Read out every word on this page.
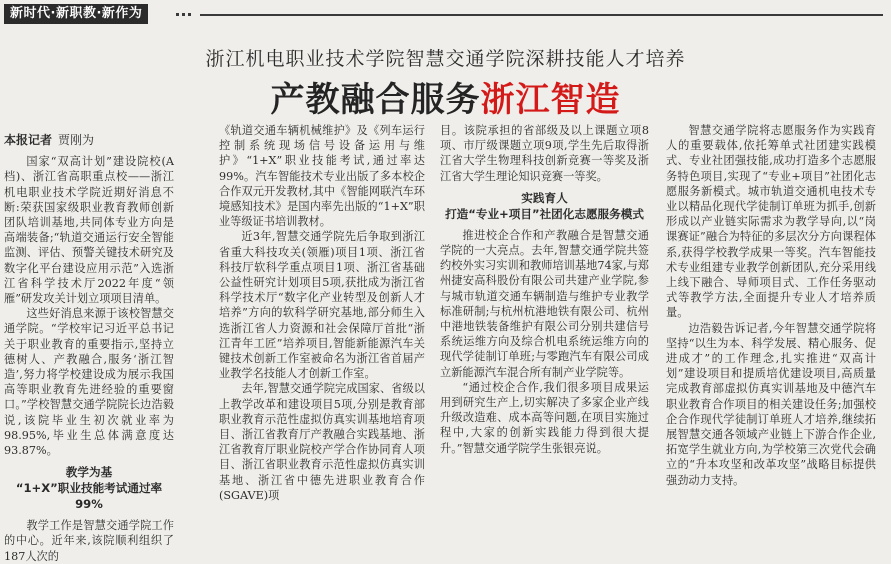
新时代·新职教·新作为
浙江机电职业技术学院智慧交通学院深耕技能人才培养
产教融合服务浙江智造
本报记者 贾刚为

国家“双高计划”建设院校(A档)、浙江省高职重点校——浙江机电职业技术学院近期好消息不断:荣获国家级职业教育教师创新团队培训基地,共同体专业方向是高端装备;“轨道交通运行安全智能监测、评估、预警关键技术研究及数字化平台建设应用示范”入选浙江省科学技术厅2022年度“领雁”研发攻关计划立项项目清单。

这些好消息来源于该校智慧交通学院。“学校牢记习近平总书记关于职业教育的重要指示,坚持立德树人、产教融合,服务‘浙江智造’,努力将学校建设成为展示我国高等职业教育先进经验的重要窗口。”学校智慧交通学院院长边浩毅说,该院毕业生初次就业率为98.95%,毕业生总体满意度达93.87%。

教学为基
“1+X”职业技能考试通过率99%

教学工作是智慧交通学院工作的中心。近年来,该院顺利组织了187人次的

《轨道交通车辆机械维护》及《列车运行控制系统现场信号设备运用与维护》“1+X”职业技能考试,通过率达99%。汽车智能技术专业出版了多本校企合作双元开发教材,其中《智能网联汽车环境感知技术》是国内率先出版的“1+X”职业等级证书培训教材。

近3年,智慧交通学院先后争取到浙江省重大科技攻关(领雁)项目1项、浙江省科技厅软科学重点项目1项、浙江省基础公益性研究计划项目5项,获批成为浙江省科学技术厅“数字化产业转型及创新人才培养”方向的软科学研究基地,部分师生入选浙江省人力资源和社会保障厅首批“浙江青年工匠”培养项目,智能新能源汽车关键技术创新工作室被命名为浙江省首届产业教学名技能人才创新工作室。

去年,智慧交通学院完成国家、省级以上教学改革和建设项目5项,分别是教育部职业教育示范性虚拟仿真实训基地培育项目、浙江省教育厅产教融合实践基地、浙江省教育厅职业院校产学合作协同育人项目、浙江省职业教育示范性虚拟仿真实训基地、浙江省中德先进职业教育合作(SGAVE)项

目。该院承担的省部级及以上课题立项8项、市厅级课题立项9项,学生先后取得浙江省大学生物理科技创新竞赛一等奖及浙江省大学生理论知识竞赛一等奖。

实践育人
打造“专业+项目”社团化志愿服务模式

推进校企合作和产教融合是智慧交通学院的一大亮点。去年,智慧交通学院共签约校外实习实训和教师培训基地74家,与郑州捷安高科股份有限公司共建产业学院,参与城市轨道交通车辆制造与维护专业教学标准研制;与杭州杭港地铁有限公司、杭州中港地铁装备维护有限公司分别共建信号系统运维方向及综合机电系统运维方向的现代学徒制订单班;与零跑汽车有限公司成立新能源汽车混合所有制产业学院等。

“通过校企合作,我们很多项目成果运用到研究生产上,切实解决了多家企业产线升级改造难、成本高等问题,在项目实施过程中,大家的创新实践能力得到很大提升。”智慧交通学院学生张银亮说。

智慧交通学院将志愿服务作为实践育人的重要载体,依托筹单式社团建实践模式、专业社团强技能,成功打造多个志愿服务特色项目,实现了“专业+项目”社团化志愿服务新模式。城市轨道交通机电技术专业以精品化现代学徒制订单班为抓手,创新形成以产业链实际需求为教学导向,以“岗课赛证”融合为特征的多层次分方向课程体系,获得学校教学成果一等奖。汽车智能技术专业组建专业教学创新团队,充分采用线上线下融合、导师项目式、工作任务驱动式等教学方法,全面提升专业人才培养质量。

边浩毅告诉记者,今年智慧交通学院将坚持“以生为本、科学发展、精心服务、促进成才”的工作理念,扎实推进“双高计划”建设项目和提质培优建设项目,高质量完成教育部虚拟仿真实训基地及中德汽车职业教育合作项目的相关建设任务;加强校企合作现代学徒制订单班人才培养,继续拓展智慧交通各领域产业链上下游合作企业,拓宽学生就业方向,为学校第三次党代会确立的“升本攻坚和改革攻坚”战略目标提供强劲动力支持。
